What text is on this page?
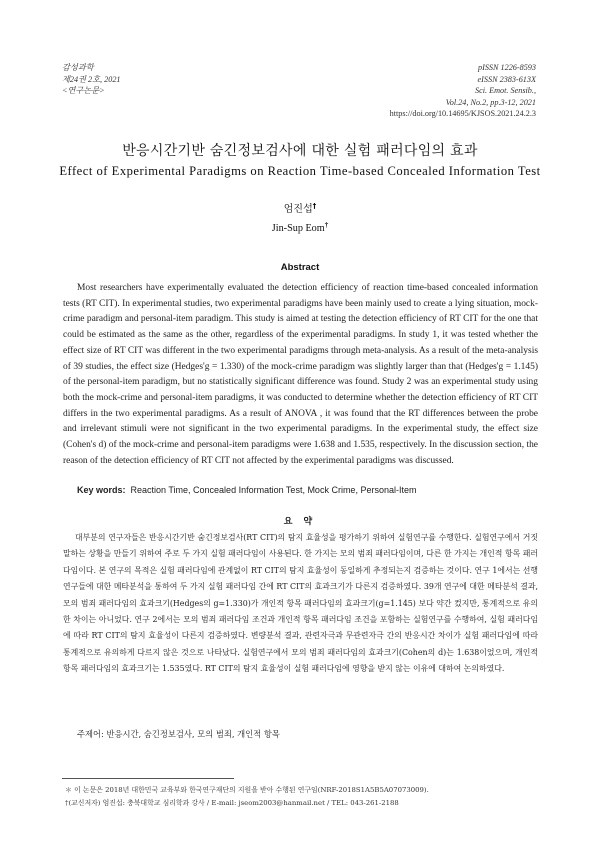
감성과학
제24권 2호, 2021
<연구논문>
pISSN 1226-8593
eISSN 2383-613X
Sci. Emot. Sensib.,
Vol.24, No.2, pp.3-12, 2021
https://doi.org/10.14695/KJSOS.2021.24.2.3
반응시간기반 숨긴정보검사에 대한 실험 패러다임의 효과
Effect of Experimental Paradigms on Reaction Time-based Concealed Information Test
엄진섭†
Jin-Sup Eom†
Abstract

Most researchers have experimentally evaluated the detection efficiency of reaction time-based concealed information tests (RT CIT). In experimental studies, two experimental paradigms have been mainly used to create a lying situation, mock-crime paradigm and personal-item paradigm. This study is aimed at testing the detection efficiency of RT CIT for the one that could be estimated as the same as the other, regardless of the experimental paradigms. In study 1, it was tested whether the effect size of RT CIT was different in the two experimental paradigms through meta-analysis. As a result of the meta-analysis of 39 studies, the effect size (Hedges'g = 1.330) of the mock-crime paradigm was slightly larger than that (Hedges'g = 1.145) of the personal-item paradigm, but no statistically significant difference was found. Study 2 was an experimental study using both the mock-crime and personal-item paradigms, it was conducted to determine whether the detection efficiency of RT CIT differs in the two experimental paradigms. As a result of ANOVA , it was found that the RT differences between the probe and irrelevant stimuli were not significant in the two experimental paradigms. In the experimental study, the effect size (Cohen's d) of the mock-crime and personal-item paradigms were 1.638 and 1.535, respectively. In the discussion section, the reason of the detection efficiency of RT CIT not affected by the experimental paradigms was discussed.

Key words: Reaction Time, Concealed Information Test, Mock Crime, Personal-Item
요 약

대부분의 연구자들은 반응시간기반 숨긴정보검사(RT CIT)의 탐지 효율성을 평가하기 위하여 실험연구를 수행한다. 실험연구에서 거짓말하는 상황을 만들기 위하여 주로 두 가지 실험 패러다임이 사용된다. 한 가지는 모의 범죄 패러다임이며, 다른 한 가지는 개인적 항목 패러다임이다. 본 연구의 목적은 실험 패러다임에 관계없이 RT CIT의 탐지 효율성이 동일하게 추정되는지 검증하는 것이다. 연구 1에서는 선행 연구들에 대한 메타분석을 통하여 두 가지 실험 패러다임 간에 RT CIT의 효과크기가 다른지 검증하였다. 39개 연구에 대한 메타분석 결과, 모의 범죄 패러다임의 효과크기(Hedges의 g=1.330)가 개인적 항목 패러다임의 효과크기(g=1.145) 보다 약간 컸지만, 통계적으로 유의한 차이는 아니었다. 연구 2에서는 모의 범죄 패러다임 조건과 개인적 항목 패러다임 조건을 포함하는 실험연구를 수행하여, 실험 패러다임에 따라 RT CIT의 탐지 효율성이 다른지 검증하였다. 변량분석 결과, 관련자극과 무관련자극 간의 반응시간 차이가 실험 패러다임에 따라 통계적으로 유의하게 다르지 않은 것으로 나타났다. 실험연구에서 모의 범죄 패러다임의 효과크기(Cohen의 d)는 1.638이었으며, 개인적 항목 패러다임의 효과크기는 1.535였다. RT CIT의 탐지 효율성이 실험 패러다임에 영향을 받지 않는 이유에 대하여 논의하였다.

주제어: 반응시간, 숨긴정보검사, 모의 범죄, 개인적 항목
＊ 이 논문은 2018년 대한민국 교육부와 한국연구재단의 지원을 받아 수행된 연구임(NRF-2018S1A5B5A07073009).
†(교신저자) 엄진섭: 충북대학교 심리학과 강사 / E-mail: jseom2003@hanmail.net / TEL: 043-261-2188
